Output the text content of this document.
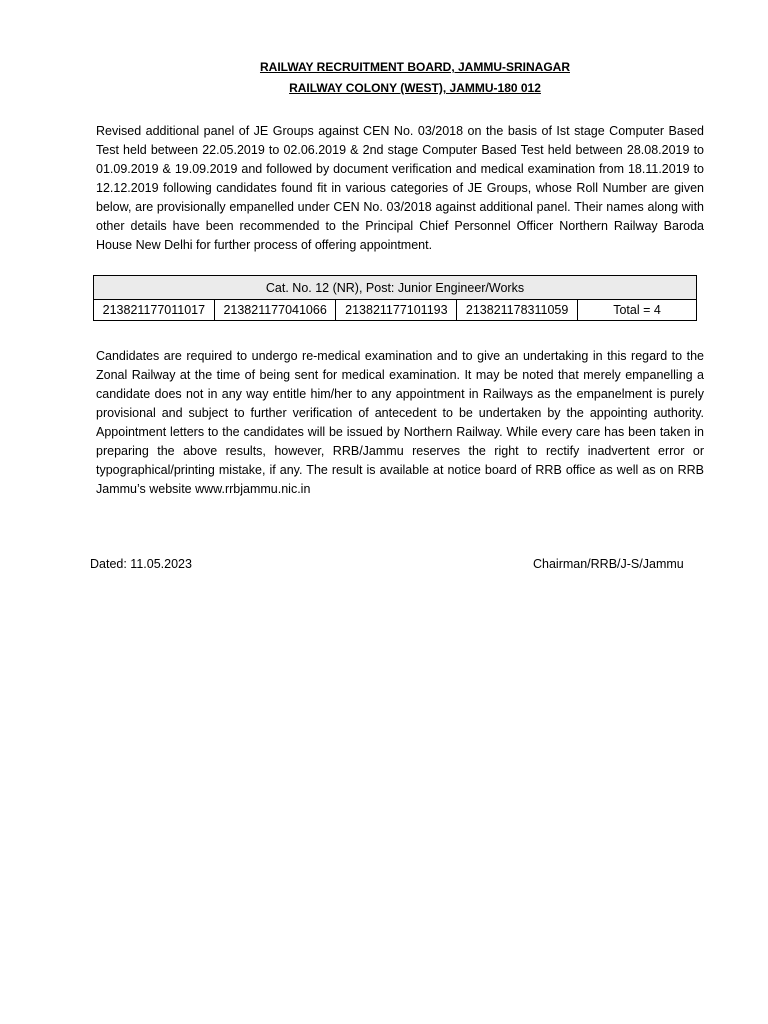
RAILWAY RECRUITMENT BOARD, JAMMU-SRINAGAR
RAILWAY COLONY (WEST), JAMMU-180 012
Revised additional panel of JE Groups against CEN No. 03/2018 on the basis of Ist stage Computer Based Test held between 22.05.2019 to 02.06.2019 & 2nd stage Computer Based Test held between 28.08.2019 to 01.09.2019 & 19.09.2019 and followed by document verification and medical examination from 18.11.2019 to 12.12.2019 following candidates found fit in various categories of JE Groups, whose Roll Number are given below, are provisionally empanelled under CEN No. 03/2018 against additional panel. Their names along with other details have been recommended to the Principal Chief Personnel Officer Northern Railway Baroda House New Delhi for further process of offering appointment.
Cat. No. 12 (NR), Post: Junior Engineer/Works
213821177011017	213821177041066	213821177101193	213821178311059	Total = 4
Candidates are required to undergo re-medical examination and to give an undertaking in this regard to the Zonal Railway at the time of being sent for medical examination. It may be noted that merely empanelling a candidate does not in any way entitle him/her to any appointment in Railways as the empanelment is purely provisional and subject to further verification of antecedent to be undertaken by the appointing authority. Appointment letters to the candidates will be issued by Northern Railway. While every care has been taken in preparing the above results, however, RRB/Jammu reserves the right to rectify inadvertent error or typographical/printing mistake, if any. The result is available at notice board of RRB office as well as on RRB Jammu’s website www.rrbjammu.nic.in
Dated: 11.05.2023	Chairman/RRB/J-S/Jammu
